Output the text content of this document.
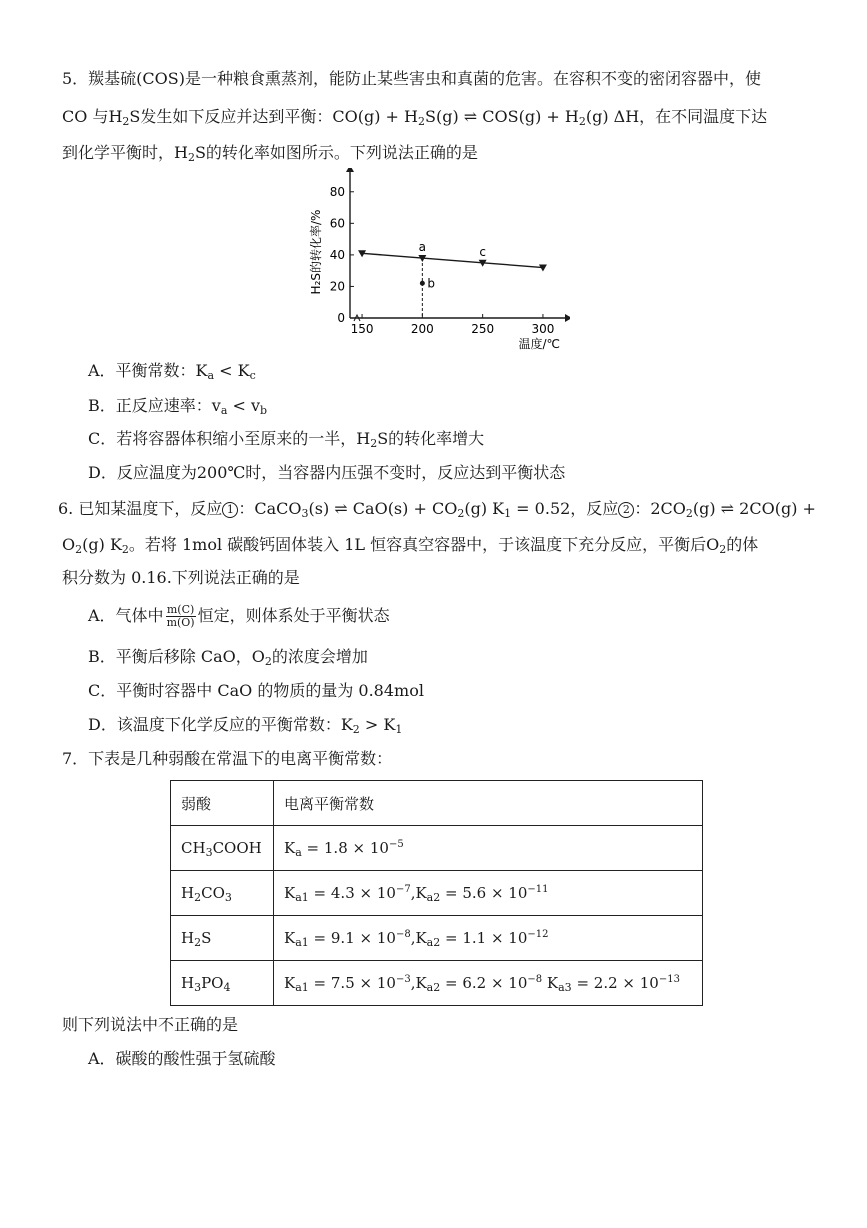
5．羰基硫(COS)是一种粮食熏蒸剂，能防止某些害虫和真菌的危害。在容积不变的密闭容器中，使
CO 与$H_2S$发生如下反应并达到平衡：$CO(g) + H_2S(g)$ ⇌ $COS(g) + H_2(g)$ ΔH，在不同温度下达
到化学平衡时，$H_2S$的转化率如图所示。下列说法正确的是
0
20
40
60
80
150	200	250	300
温度/℃
H₂S的转化率/%	a
b
c
A．平衡常数：$K_a < K_c$
B．正反应速率：$v_a < v_b$
C．若将容器体积缩小至原来的一半，$H_2S$的转化率增大
D．反应温度为200℃时，当容器内压强不变时，反应达到平衡状态
6. 已知某温度下，反应 1 ：CaCO$_3$(s) ⇌ $CaO(s) + CO_2(g) K_1 = 0.52$，反应 2 ：$2CO_2(g)$ ⇌ 2CO(g) +
$O_2(g)$ $K_2$。若将 1mol 碳酸钙固体装入 1L 恒容真空容器中，于该温度下充分反应，平衡后$O_2$的体
积分数为 0.16.下列说法正确的是
A．气体中 $\frac{m(C)}{m(O)}$ 恒定，则体系处于平衡状态
B．平衡后移除 CaO，$O_2$的浓度会增加
C．平衡时容器中 CaO 的物质的量为 0.84mol
D．该温度下化学反应的平衡常数：$K_2 > K_1$
7．下表是几种弱酸在常温下的电离平衡常数：
弱酸	电离平衡常数
$CH_3COOH$	$K_a = 1.8 \times 10^{-5}$
$H_2CO_3$	$K_{a1} = 4.3 \times 10^{-7},K_{a2} = 5.6 \times 10^{-11}$
$H_2S$	$K_{a1} = 9.1 \times 10^{-8},K_{a2} = 1.1 \times 10^{-12}$
$H_3PO_4$	$K_{a1} = 7.5 \times 10^{-3},K_{a2} = 6.2 \times 10^{-8}$ $K_{a3} = 2.2 \times 10^{-13}$
则下列说法中不正确的是
A．碳酸的酸性强于氢硫酸
